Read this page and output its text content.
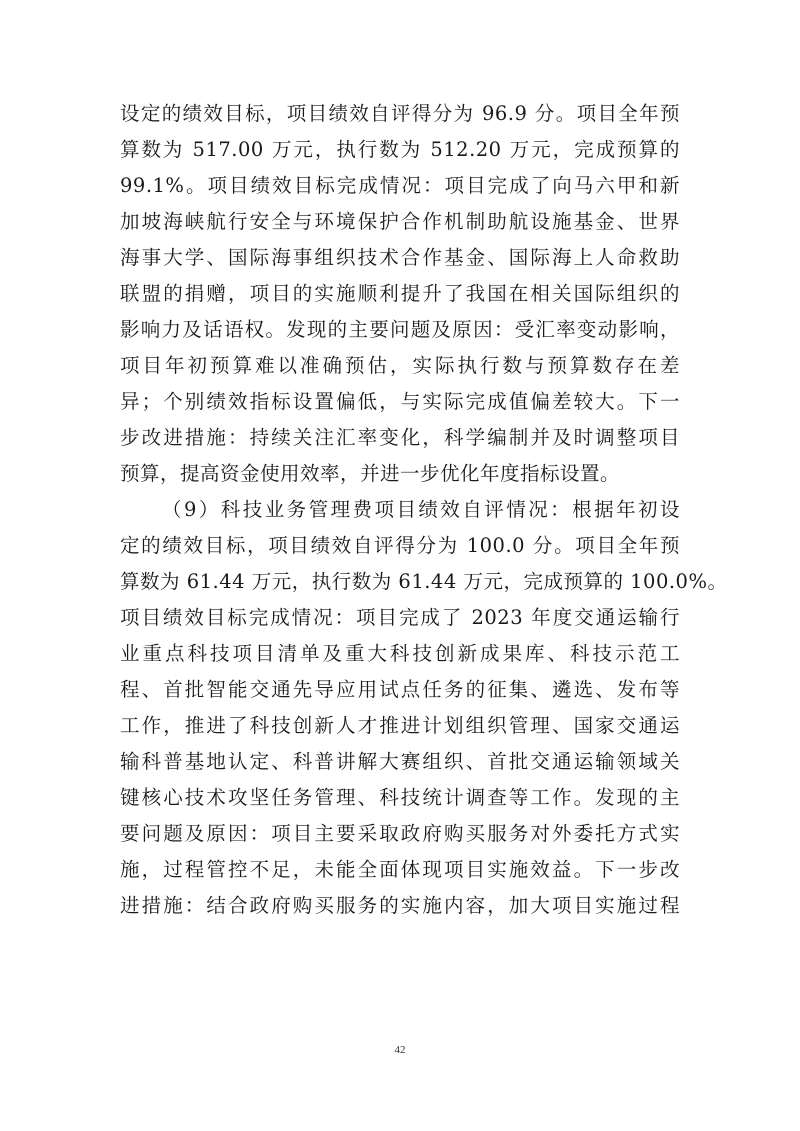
设定的绩效目标，项目绩效自评得分为 96.9 分。项目全年预
算数为 517.00 万元，执行数为 512.20 万元，完成预算的
99.1%。项目绩效目标完成情况：项目完成了向马六甲和新
加坡海峡航行安全与环境保护合作机制助航设施基金、世界
海事大学、国际海事组织技术合作基金、国际海上人命救助
联盟的捐赠，项目的实施顺利提升了我国在相关国际组织的
影响力及话语权。发现的主要问题及原因：受汇率变动影响，
项目年初预算难以准确预估，实际执行数与预算数存在差
异；个别绩效指标设置偏低，与实际完成值偏差较大。下一
步改进措施：持续关注汇率变化，科学编制并及时调整项目
预算，提高资金使用效率，并进一步优化年度指标设置。
（9）科技业务管理费项目绩效自评情况：根据年初设
定的绩效目标，项目绩效自评得分为 100.0 分。项目全年预
算数为 61.44 万元，执行数为 61.44 万元，完成预算的 100.0%。
项目绩效目标完成情况：项目完成了 2023 年度交通运输行
业重点科技项目清单及重大科技创新成果库、科技示范工
程、首批智能交通先导应用试点任务的征集、遴选、发布等
工作，推进了科技创新人才推进计划组织管理、国家交通运
输科普基地认定、科普讲解大赛组织、首批交通运输领域关
键核心技术攻坚任务管理、科技统计调查等工作。发现的主
要问题及原因：项目主要采取政府购买服务对外委托方式实
施，过程管控不足，未能全面体现项目实施效益。下一步改
进措施：结合政府购买服务的实施内容，加大项目实施过程
42
